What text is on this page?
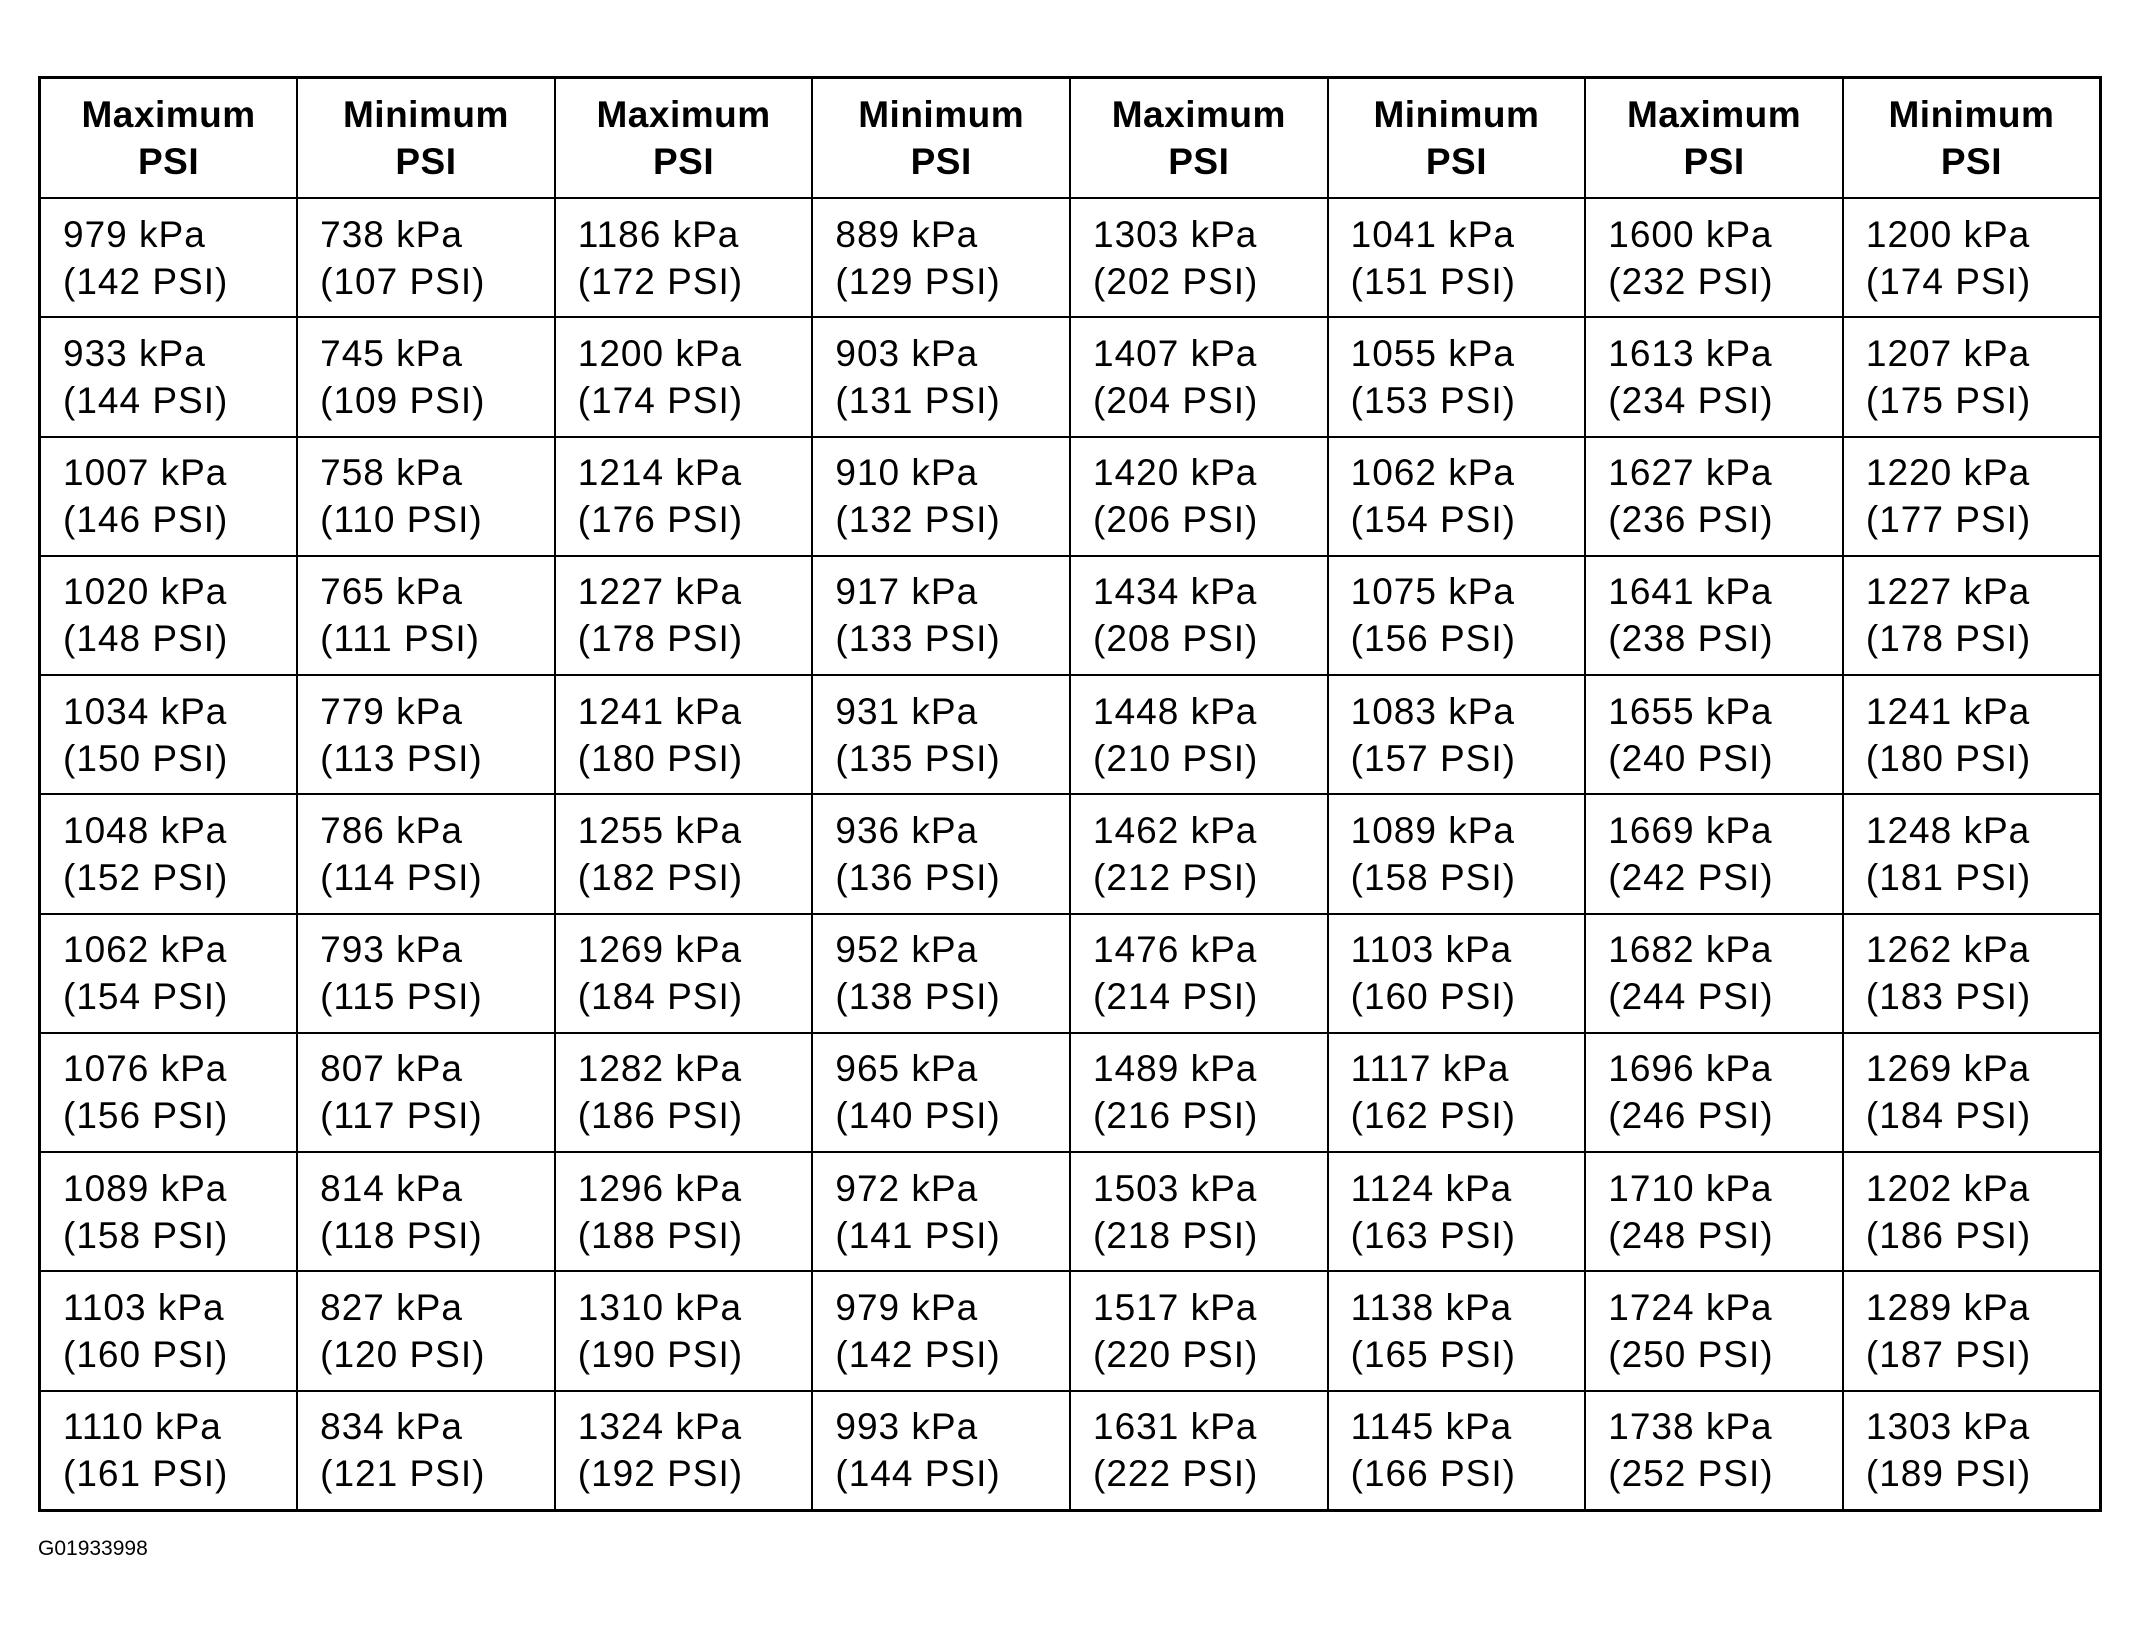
Maximum
PSI	Minimum
PSI	Maximum
PSI	Minimum
PSI	Maximum
PSI	Minimum
PSI	Maximum
PSI	Minimum
PSI

979 kPa
(142 PSI)	738 kPa
(107 PSI)	1186 kPa
(172 PSI)	889 kPa
(129 PSI)	1303 kPa
(202 PSI)	1041 kPa
(151 PSI)	1600 kPa
(232 PSI)	1200 kPa
(174 PSI)

933 kPa
(144 PSI)	745 kPa
(109 PSI)	1200 kPa
(174 PSI)	903 kPa
(131 PSI)	1407 kPa
(204 PSI)	1055 kPa
(153 PSI)	1613 kPa
(234 PSI)	1207 kPa
(175 PSI)

1007 kPa
(146 PSI)	758 kPa
(110 PSI)	1214 kPa
(176 PSI)	910 kPa
(132 PSI)	1420 kPa
(206 PSI)	1062 kPa
(154 PSI)	1627 kPa
(236 PSI)	1220 kPa
(177 PSI)

1020 kPa
(148 PSI)	765 kPa
(111 PSI)	1227 kPa
(178 PSI)	917 kPa
(133 PSI)	1434 kPa
(208 PSI)	1075 kPa
(156 PSI)	1641 kPa
(238 PSI)	1227 kPa
(178 PSI)

1034 kPa
(150 PSI)	779 kPa
(113 PSI)	1241 kPa
(180 PSI)	931 kPa
(135 PSI)	1448 kPa
(210 PSI)	1083 kPa
(157 PSI)	1655 kPa
(240 PSI)	1241 kPa
(180 PSI)

1048 kPa
(152 PSI)	786 kPa
(114 PSI)	1255 kPa
(182 PSI)	936 kPa
(136 PSI)	1462 kPa
(212 PSI)	1089 kPa
(158 PSI)	1669 kPa
(242 PSI)	1248 kPa
(181 PSI)

1062 kPa
(154 PSI)	793 kPa
(115 PSI)	1269 kPa
(184 PSI)	952 kPa
(138 PSI)	1476 kPa
(214 PSI)	1103 kPa
(160 PSI)	1682 kPa
(244 PSI)	1262 kPa
(183 PSI)

1076 kPa
(156 PSI)	807 kPa
(117 PSI)	1282 kPa
(186 PSI)	965 kPa
(140 PSI)	1489 kPa
(216 PSI)	1117 kPa
(162 PSI)	1696 kPa
(246 PSI)	1269 kPa
(184 PSI)

1089 kPa
(158 PSI)	814 kPa
(118 PSI)	1296 kPa
(188 PSI)	972 kPa
(141 PSI)	1503 kPa
(218 PSI)	1124 kPa
(163 PSI)	1710 kPa
(248 PSI)	1202 kPa
(186 PSI)

1103 kPa
(160 PSI)	827 kPa
(120 PSI)	1310 kPa
(190 PSI)	979 kPa
(142 PSI)	1517 kPa
(220 PSI)	1138 kPa
(165 PSI)	1724 kPa
(250 PSI)	1289 kPa
(187 PSI)

1110 kPa
(161 PSI)	834 kPa
(121 PSI)	1324 kPa
(192 PSI)	993 kPa
(144 PSI)	1631 kPa
(222 PSI)	1145 kPa
(166 PSI)	1738 kPa
(252 PSI)	1303 kPa
(189 PSI)
G01933998
